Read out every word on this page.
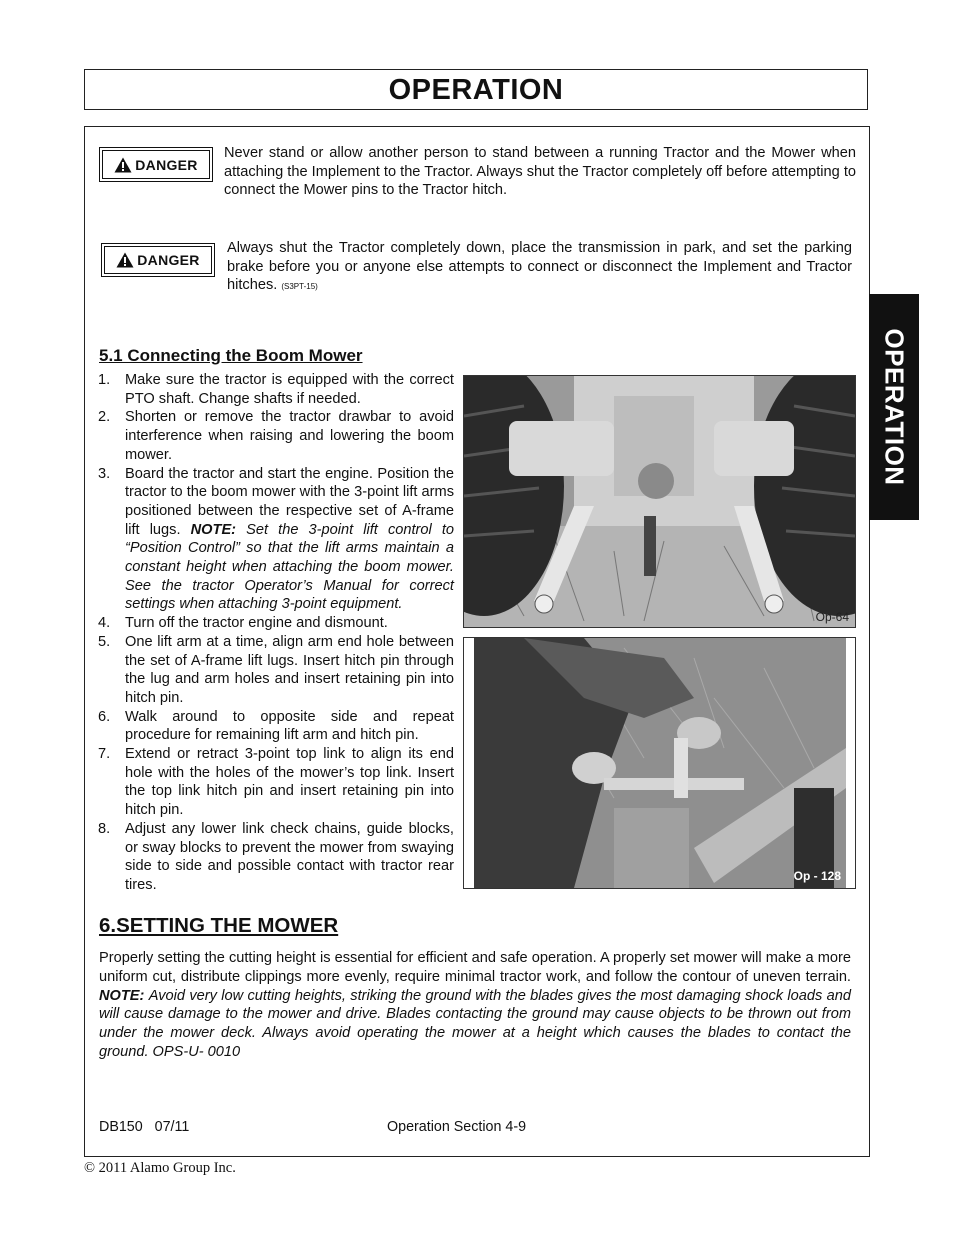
OPERATION
OPERATION
DANGER
Never stand or allow another person to stand between a running Tractor and the Mower when attaching the Implement to the Tractor. Always shut the Tractor completely off before attempting to connect the Mower pins to the Tractor hitch.
DANGER
Always shut the Tractor completely down, place the transmission in park, and set the parking brake before you or anyone else attempts to connect or disconnect the Implement and Tractor hitches. (S3PT-15)
5.1 Connecting the Boom Mower
1.	Make sure the tractor is equipped with the correct PTO shaft. Change shafts if needed.
2.	Shorten or remove the tractor drawbar to avoid interference when raising and lowering the boom mower.
3.	Board the tractor and start the engine. Position the tractor to the boom mower with the 3-point lift arms positioned between the respective set of A-frame lift lugs. NOTE: Set the 3-point lift control to “Position Control” so that the lift arms maintain a constant height when attaching the boom mower. See the tractor Operator’s Manual for correct settings when attaching 3-point equipment.
4.	Turn off the tractor engine and dismount.
5.	One lift arm at a time, align arm end hole between the set of A-frame lift lugs. Insert hitch pin through the lug and arm holes and insert retaining pin into hitch pin.
6.	Walk around to opposite side and repeat procedure for remaining lift arm and hitch pin.
7.	Extend or retract 3-point top link to align its end hole with the holes of the mower’s top link. Insert the top link hitch pin and insert retaining pin into hitch pin.
8.	Adjust any lower link check chains, guide blocks, or sway blocks to prevent the mower from swaying side to side and possible contact with tractor rear tires.
Op-64
Op - 128
6.SETTING THE MOWER
Properly setting the cutting height is essential for efficient and safe operation. A properly set mower will make a more uniform cut, distribute clippings more evenly, require minimal tractor work, and follow the contour of uneven terrain. NOTE: Avoid very low cutting heights, striking the ground with the blades gives the most damaging shock loads and will cause damage to the mower and drive. Blades contacting the ground may cause objects to be thrown out from under the mower deck. Always avoid operating the mower at a height which causes the blades to contact the ground. OPS-U- 0010
DB150   07/11	Operation Section 4-9
© 2011 Alamo Group Inc.
